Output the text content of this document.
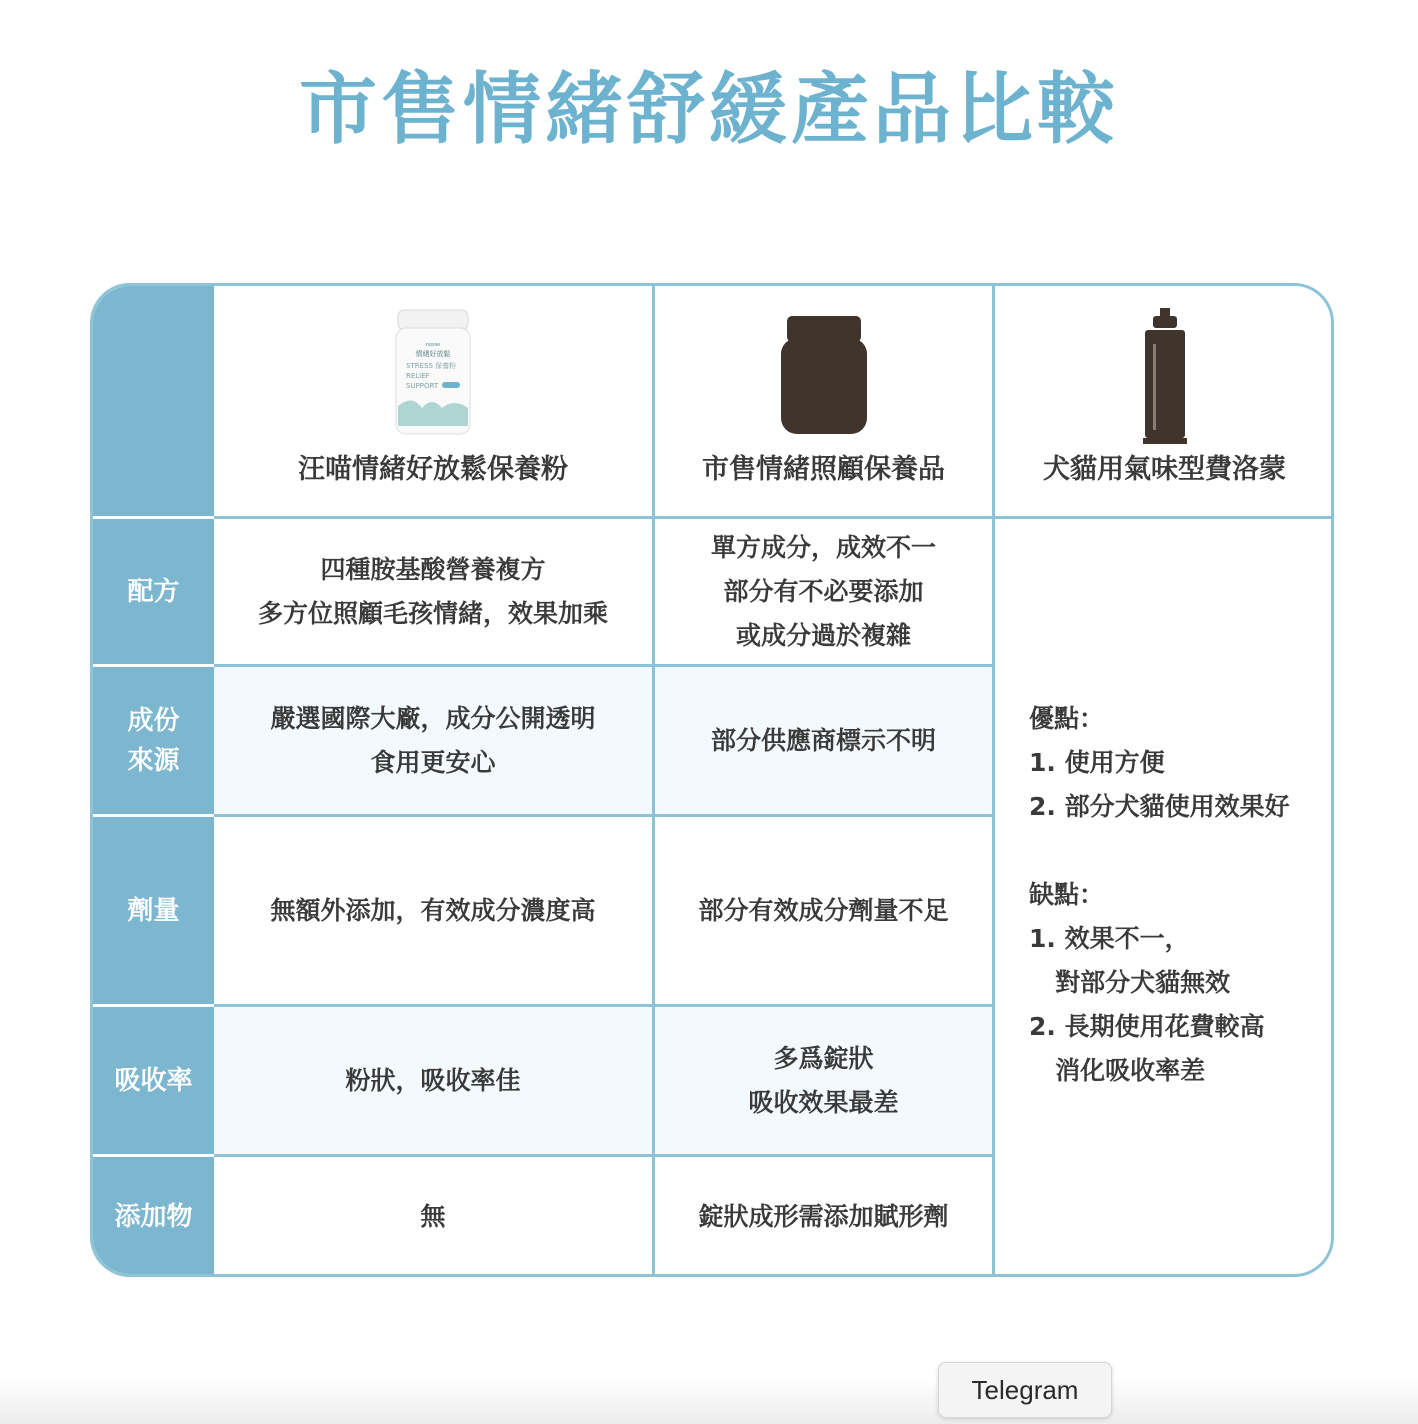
市售情緒舒緩產品比較
配方
成份
來源
劑量
吸收率
添加物
nosse
情緒好放鬆
STRESS 保養粉
RELIEF
SUPPORT
汪喵情緒好放鬆保養粉	市售情緒照顧保養品	犬貓用氣味型費洛蒙
四種胺基酸營養複方
多方位照顧毛孩情緒，效果加乘
嚴選國際大廠，成分公開透明
食用更安心
無額外添加，有效成分濃度高
粉狀，吸收率佳
無
單方成分，成效不一
部分有不必要添加
或成分過於複雜
部分供應商標示不明
部分有效成分劑量不足
多爲錠狀
吸收效果最差
錠狀成形需添加賦形劑
優點：
1. 使用方便
2. 部分犬貓使用效果好
缺點：
1. 效果不一，
對部分犬貓無效
2. 長期使用花費較高
消化吸收率差
Telegram
